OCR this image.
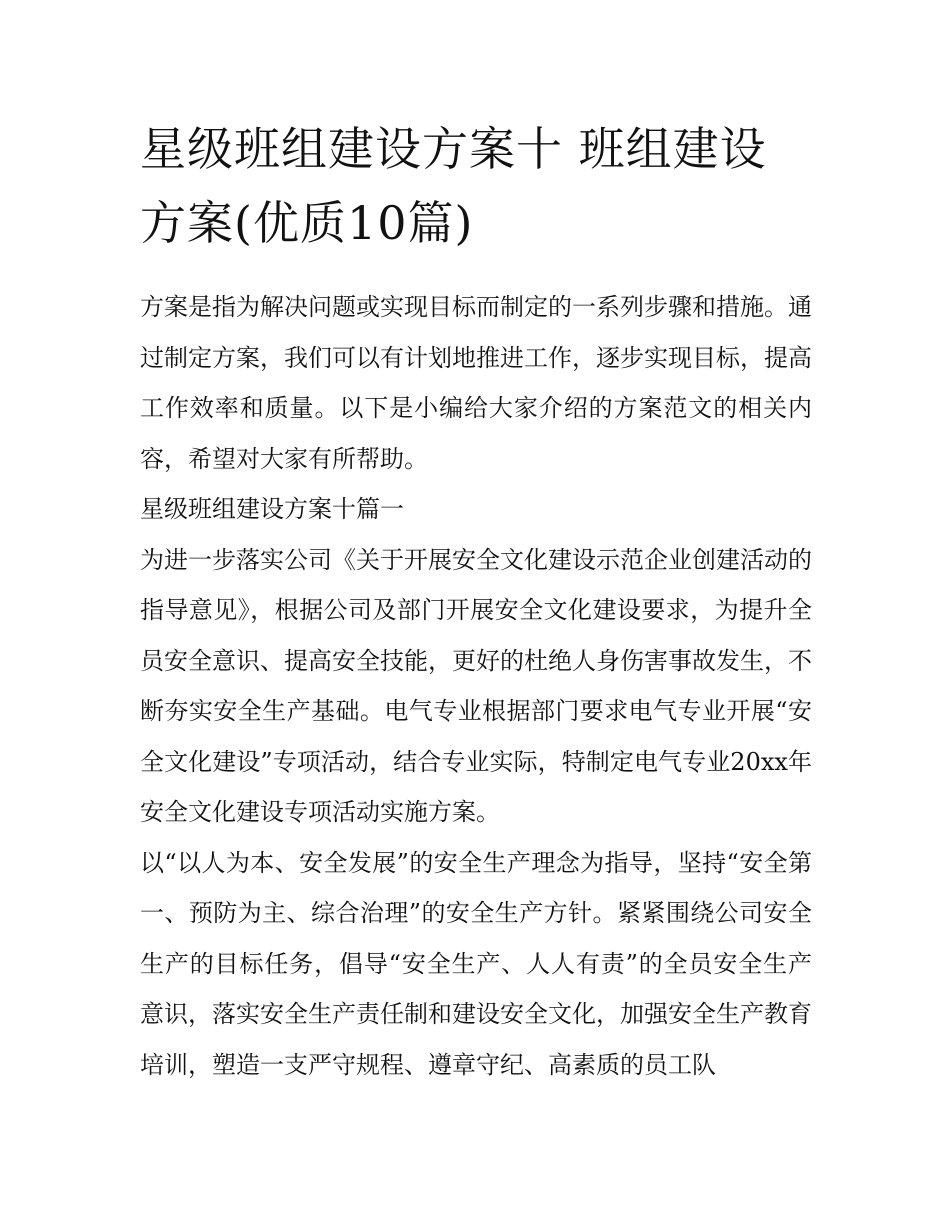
星级班组建设方案十 班组建设方案(优质10篇)

方案是指为解决问题或实现目标而制定的一系列步骤和措施。通过制定方案，我们可以有计划地推进工作，逐步实现目标，提高工作效率和质量。以下是小编给大家介绍的方案范文的相关内容，希望对大家有所帮助。

星级班组建设方案十篇一

为进一步落实公司《关于开展安全文化建设示范企业创建活动的指导意见》，根据公司及部门开展安全文化建设要求，为提升全员安全意识、提高安全技能，更好的杜绝人身伤害事故发生，不断夯实安全生产基础。电气专业根据部门要求电气专业开展“安全文化建设”专项活动，结合专业实际，特制定电气专业20xx年安全文化建设专项活动实施方案。

以“以人为本、安全发展”的安全生产理念为指导，坚持“安全第一、预防为主、综合治理”的安全生产方针。紧紧围绕公司安全生产的目标任务，倡导“安全生产、人人有责”的全员安全生产意识，落实安全生产责任制和建设安全文化，加强安全生产教育培训，塑造一支严守规程、遵章守纪、高素质的员工队
